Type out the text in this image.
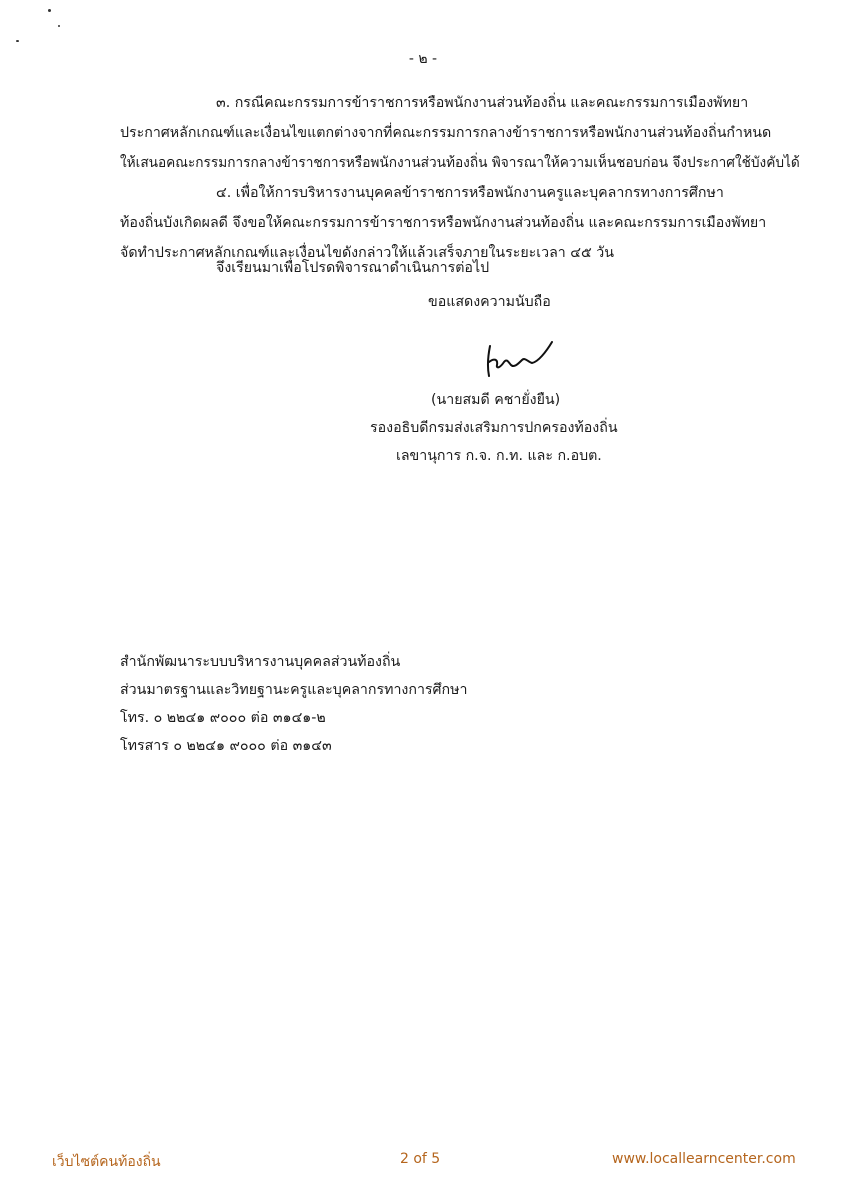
- ๒ -
๓. กรณีคณะกรรมการข้าราชการหรือพนักงานส่วนท้องถิ่น และคณะกรรมการเมืองพัทยา
ประกาศหลักเกณฑ์และเงื่อนไขแตกต่างจากที่คณะกรรมการกลางข้าราชการหรือพนักงานส่วนท้องถิ่นกำหนด
ให้เสนอคณะกรรมการกลางข้าราชการหรือพนักงานส่วนท้องถิ่น พิจารณาให้ความเห็นชอบก่อน จึงประกาศใช้บังคับได้
๔. เพื่อให้การบริหารงานบุคคลข้าราชการหรือพนักงานครูและบุคลากรทางการศึกษา
ท้องถิ่นบังเกิดผลดี จึงขอให้คณะกรรมการข้าราชการหรือพนักงานส่วนท้องถิ่น และคณะกรรมการเมืองพัทยา
จัดทำประกาศหลักเกณฑ์และเงื่อนไขดังกล่าวให้แล้วเสร็จภายในระยะเวลา ๔๕ วัน
จึงเรียนมาเพื่อโปรดพิจารณาดำเนินการต่อไป
ขอแสดงความนับถือ
(นายสมดี คชายั่งยืน)
รองอธิบดีกรมส่งเสริมการปกครองท้องถิ่น
เลขานุการ ก.จ. ก.ท. และ ก.อบต.
สำนักพัฒนาระบบบริหารงานบุคคลส่วนท้องถิ่น
ส่วนมาตรฐานและวิทยฐานะครูและบุคลากรทางการศึกษา
โทร. ๐ ๒๒๔๑ ๙๐๐๐ ต่อ ๓๑๔๑-๒
โทรสาร ๐ ๒๒๔๑ ๙๐๐๐ ต่อ ๓๑๔๓
เว็บไซต์คนท้องถิ่น	2 of 5	www.locallearncenter.com
